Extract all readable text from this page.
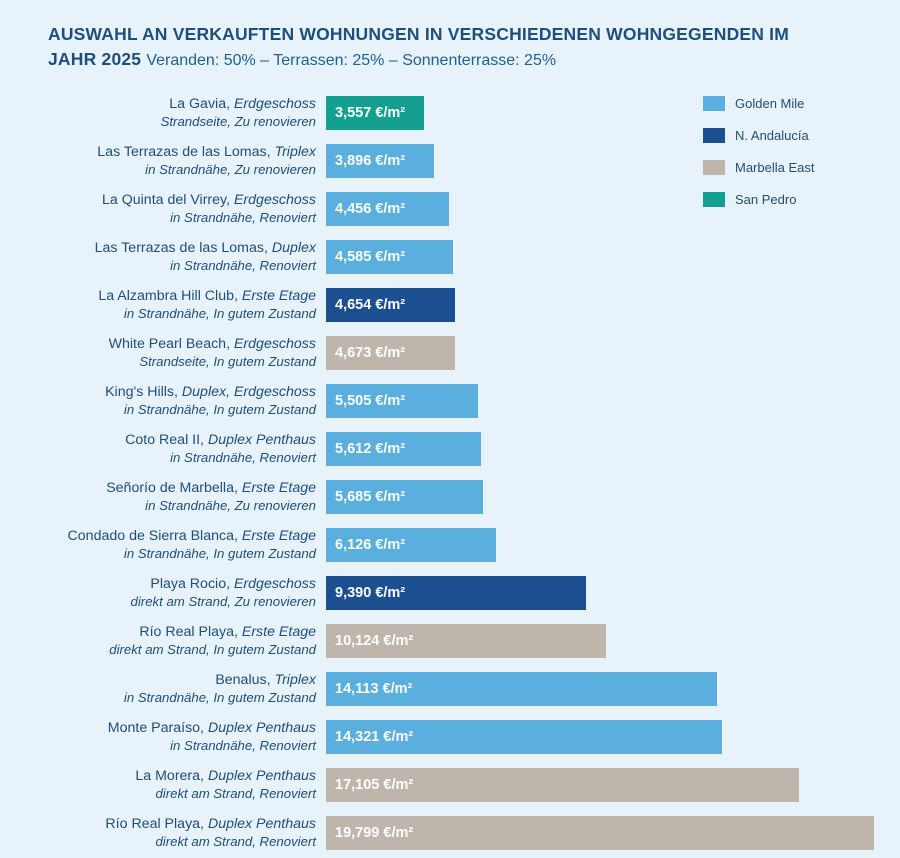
AUSWAHL AN VERKAUFTEN WOHNUNGEN IN VERSCHIEDENEN WOHNGEGENDEN IM
JAHR 2025 Veranden: 50% – Terrassen: 25% – Sonnenterrasse: 25%
Golden Mile
N. Andalucía
Marbella East
San Pedro
La Gavia, Erdgeschoss
Strandseite, Zu renovieren
3,557 €/m²
Las Terrazas de las Lomas, Triplex
in Strandnähe, Zu renovieren
3,896 €/m²
La Quinta del Virrey, Erdgeschoss
in Strandnähe, Renoviert
4,456 €/m²
Las Terrazas de las Lomas, Duplex
in Strandnähe, Renoviert
4,585 €/m²
La Alzambra Hill Club, Erste Etage
in Strandnähe, In gutem Zustand
4,654 €/m²
White Pearl Beach, Erdgeschoss
Strandseite, In gutem Zustand
4,673 €/m²
King's Hills, Duplex, Erdgeschoss
in Strandnähe, In gutem Zustand
5,505 €/m²
Coto Real II, Duplex Penthaus
in Strandnähe, Renoviert
5,612 €/m²
Señorío de Marbella, Erste Etage
in Strandnähe, Zu renovieren
5,685 €/m²
Condado de Sierra Blanca, Erste Etage
in Strandnähe, In gutem Zustand
6,126 €/m²
Playa Rocio, Erdgeschoss
direkt am Strand, Zu renovieren
9,390 €/m²
Río Real Playa, Erste Etage
direkt am Strand, In gutem Zustand
10,124 €/m²
Benalus, Triplex
in Strandnähe, In gutem Zustand
14,113 €/m²
Monte Paraíso, Duplex Penthaus
in Strandnähe, Renoviert
14,321 €/m²
La Morera, Duplex Penthaus
direkt am Strand, Renoviert
17,105 €/m²
Río Real Playa, Duplex Penthaus
direkt am Strand, Renoviert
19,799 €/m²
